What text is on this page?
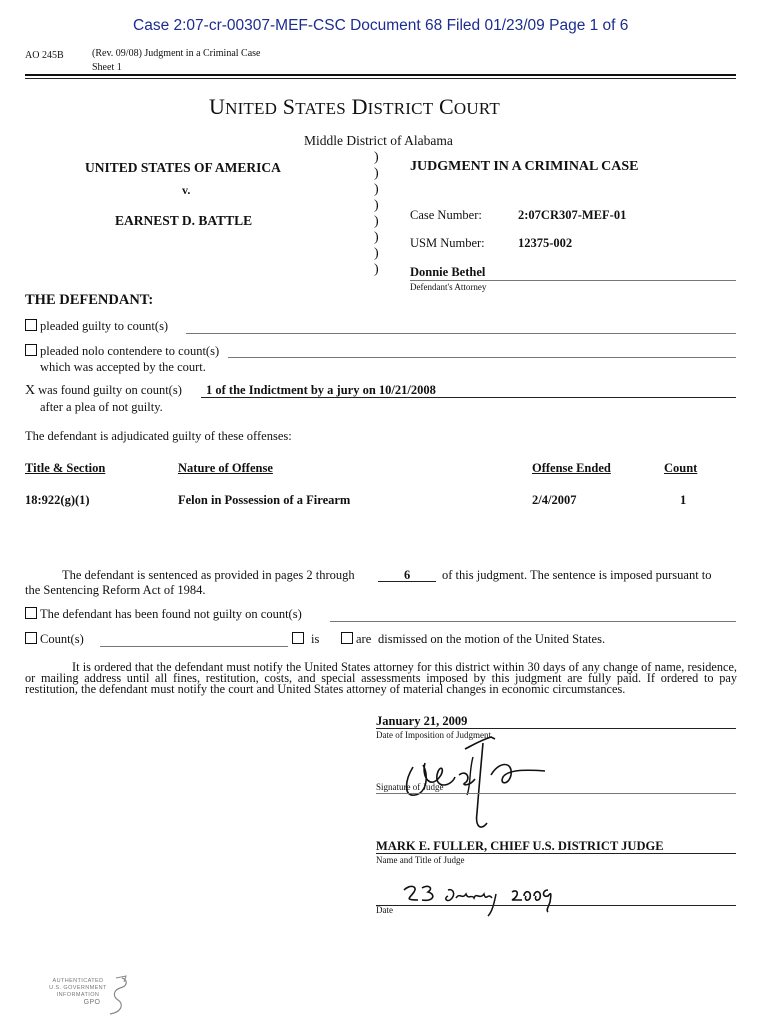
Case 2:07-cr-00307-MEF-CSC Document 68 Filed 01/23/09 Page 1 of 6
AO 245B	(Rev. 09/08) Judgment in a Criminal Case
Sheet 1
UNITED STATES DISTRICT COURT
Middle District of Alabama
UNITED STATES OF AMERICA
v.
EARNEST D. BATTLE
)
)
)
)
)
)
)
)
JUDGMENT IN A CRIMINAL CASE
Case Number:	2:07CR307-MEF-01
USM Number:	12375-002
Donnie Bethel
Defendant's Attorney
THE DEFENDANT:
pleaded guilty to count(s)
pleaded nolo contendere to count(s)
which was accepted by the court.
X was found guilty on count(s) 1 of the Indictment by a jury on 10/21/2008
after a plea of not guilty.
The defendant is adjudicated guilty of these offenses:
Title & Section	Nature of Offense	Offense Ended	Count
18:922(g)(1)	Felon in Possession of a Firearm	2/4/2007	1
The defendant is sentenced as provided in pages 2 through	6	of this judgment. The sentence is imposed pursuant to
the Sentencing Reform Act of 1984.
The defendant has been found not guilty on count(s)
Count(s)	is	are dismissed on the motion of the United States.
It is ordered that the defendant must notify the United States attorney for this district within 30 days of any change of name, residence, or mailing address until all fines, restitution, costs, and special assessments imposed by this judgment are fully paid. If ordered to pay restitution, the defendant must notify the court and United States attorney of material changes in economic circumstances.
January 21, 2009
Date of Imposition of Judgment
Signature of Judge
MARK E. FULLER, CHIEF U.S. DISTRICT JUDGE
Name and Title of Judge
Date
AUTHENTICATED
U.S. GOVERNMENT
INFORMATION
GPO
